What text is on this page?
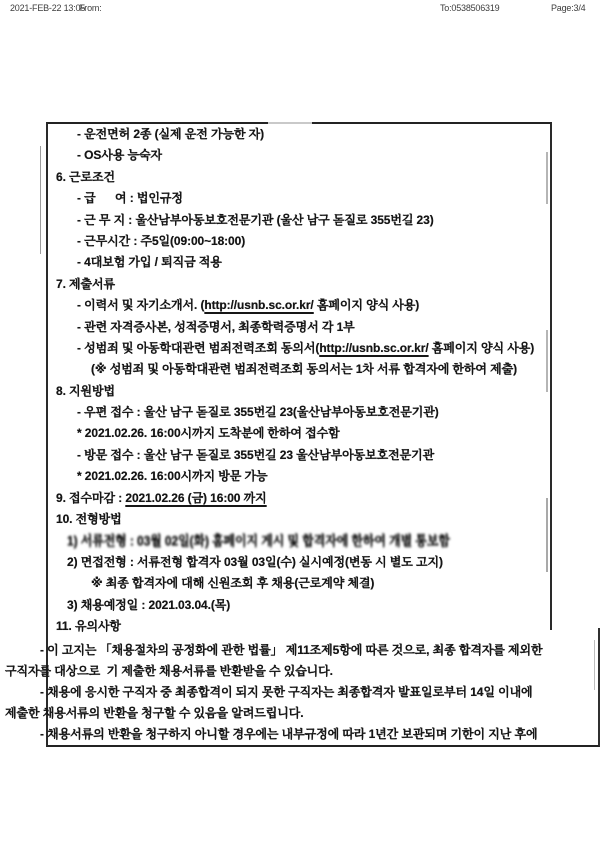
2021-FEB-22 13:05
From:	To:0538506319	Page:3/4
- 운전면허 2종 (실제 운전 가능한 자)
- OS사용 능숙자
6. 근로조건
- 급      여 : 법인규정
- 근 무 지 : 울산남부아동보호전문기관 (울산 남구 돋질로 355번길 23)
- 근무시간 : 주5일(09:00~18:00)
- 4대보험 가입 / 퇴직금 적용
7. 제출서류
- 이력서 및 자기소개서. (http://usnb.sc.or.kr/ 홈페이지 양식 사용)
- 관련 자격증사본, 성적증명서, 최종학력증명서 각 1부
- 성범죄 및 아동학대관련 범죄전력조회 동의서(http://usnb.sc.or.kr/ 홈페이지 양식 사용)
(※ 성범죄 및 아동학대관련 범죄전력조회 동의서는 1차 서류 합격자에 한하여 제출)
8. 지원방법
- 우편 접수 : 울산 남구 돋질로 355번길 23(울산남부아동보호전문기관)
* 2021.02.26. 16:00시까지 도착분에 한하여 접수함
- 방문 접수 : 울산 남구 돋질로 355번길 23 울산남부아동보호전문기관
* 2021.02.26. 16:00시까지 방문 가능
9. 접수마감 : 2021.02.26 (금) 16:00 까지
10. 전형방법
1) 서류전형 : 03월 02일(화) 홈페이지 게시 및 합격자에 한하여 개별 통보함
2) 면접전형 : 서류전형 합격자 03월 03일(수) 실시예정(변동 시 별도 고지)
※ 최종 합격자에 대해 신원조회 후 채용(근로계약 체결)
3) 채용예정일 : 2021.03.04.(목)
11. 유의사항
- 이 고지는 「채용절차의 공정화에 관한 법률」 제11조제5항에 따른 것으로, 최종 합격자를 제외한
구직자를 대상으로  기 제출한 채용서류를 반환받을 수 있습니다.
- 채용에 응시한 구직자 중 최종합격이 되지 못한 구직자는 최종합격자 발표일로부터 14일 이내에
제출한 채용서류의 반환을 청구할 수 있음을 알려드립니다.
- 채용서류의 반환을 청구하지 아니할 경우에는 내부규정에 따라 1년간 보관되며 기한이 지난 후에
